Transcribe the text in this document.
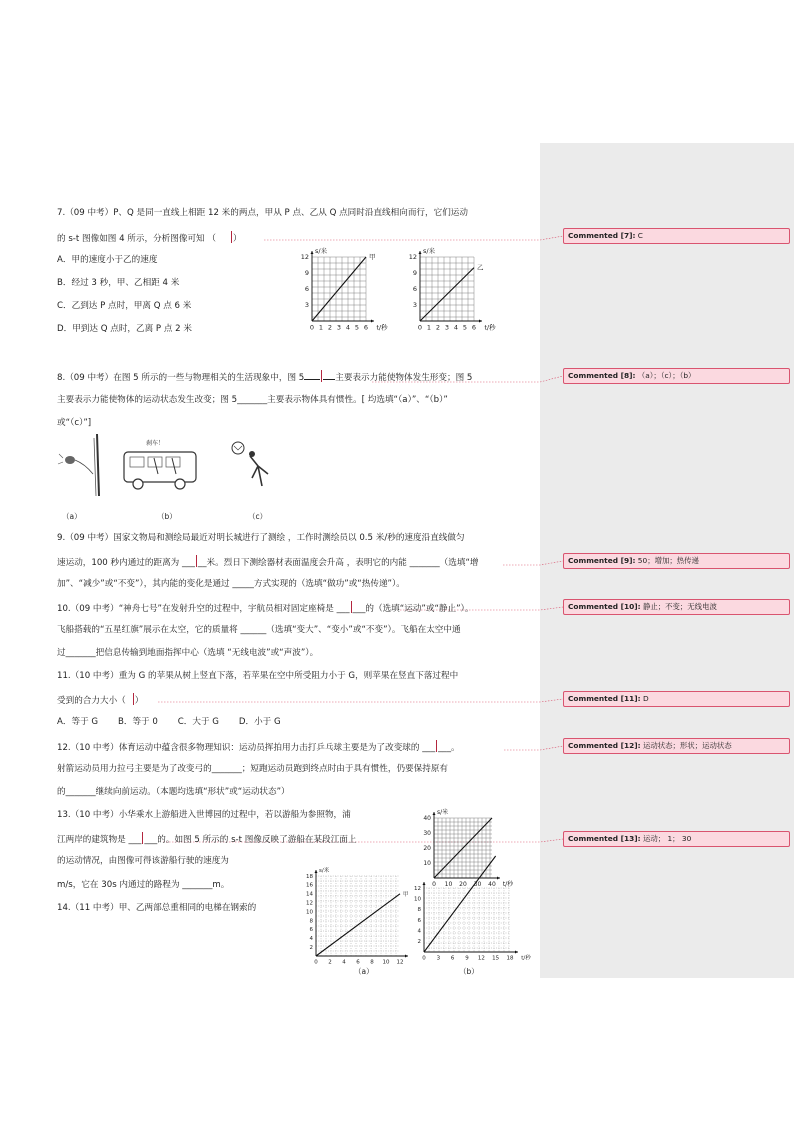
7.（09 中考）P、Q 是同一直线上相距 12 米的两点，甲从 P 点、乙从 Q 点同时沿直线相向而行，它们运动
的 s-t 图像如图 4 所示，分析图像可知 （ ）
A．甲的速度小于乙的速度
B．经过 3 秒，甲、乙相距 4 米
C．乙到达 P 点时，甲离 Q 点 6 米
D．甲到达 Q 点时，乙离 P 点 2 米	0 1 2 3 4 5 6
3
6
9
12
t/秒
s/米
甲
0 1 2 3 4 5 6
3
6
9
12
t/秒
s/米
乙
8.（09 中考）在图 5 所示的一些与物理相关的生活现象中，图 5	主要表示力能使物体发生形变；图 5
主要表示力能使物体的运动状态发生改变；图 5_______主要表示物体具有惯性。[ 均选填“（a）”、“（b）”
或“（c）”]
刹车！
（a）	（b）	（c）
9.（09 中考）国家文物局和测绘局最近对明长城进行了测绘 ，工作时测绘员以 0.5 米/秒的速度沿直线做匀
速运动，100 秒内通过的距离为 ___ __米。烈日下测绘器材表面温度会升高 ，表明它的内能 _______（选填“增
加”、“减少”或“不变”），其内能的变化是通过 _____方式实现的（选填“做功”或“热传递”）。
10.（09 中考）“神舟七号”在发射升空的过程中，宇航员相对固定座椅是 ___ ___的（选填“运动”或“静止”）。
飞船搭载的“五星红旗”展示在太空，它的质量将 ______（选填“变大”、“变小”或“不变”）。飞船在太空中通
过_______把信息传输到地面指挥中心（选填 “无线电波”或“声波”）。
11.（10 中考）重为 G 的苹果从树上竖直下落，若苹果在空中所受阻力小于 G，则苹果在竖直下落过程中
受到的合力大小（ ）
A．等于 G　　 B．等于 0　　 C．大于 G　　 D．小于 G
12.（10 中考）体育运动中蕴含很多物理知识：运动员挥拍用力击打乒乓球主要是为了改变球的 ___ ___。
射箭运动员用力拉弓主要是为了改变弓的_______；短跑运动员跑到终点时由于具有惯性，仍要保持原有
的_______继续向前运动。（本题均选填“形状”或“运动状态”）
13.（10 中考）小华乘水上游船进入世博园的过程中，若以游船为参照物，浦
江两岸的建筑物是 ___ ___的。如图 5 所示的 s-t 图像反映了游船在某段江面上
的运动情况，由图像可得该游船行驶的速度为
m/s，它在 30s 内通过的路程为 _______m。	0 10 20 30 40
10
20
30
40
t/秒
s/米
14.（11 中考）甲、乙两部总重相同的电梯在钢索的
0 2 4 6 8 10 12
2
4
6
8
10
12
14
16
18
s/米
甲
0 3 6 9 12 15 18
2
4
6
8
10
12
t/秒
（a）	（b）
Commented [7]: C
Commented [8]: （a）；（c）；（b）
Commented [9]: 50；增加；热传递
Commented [10]: 静止；不变；无线电波
Commented [11]: D
Commented [12]: 运动状态；形状；运动状态
Commented [13]: 运动； 1； 30
